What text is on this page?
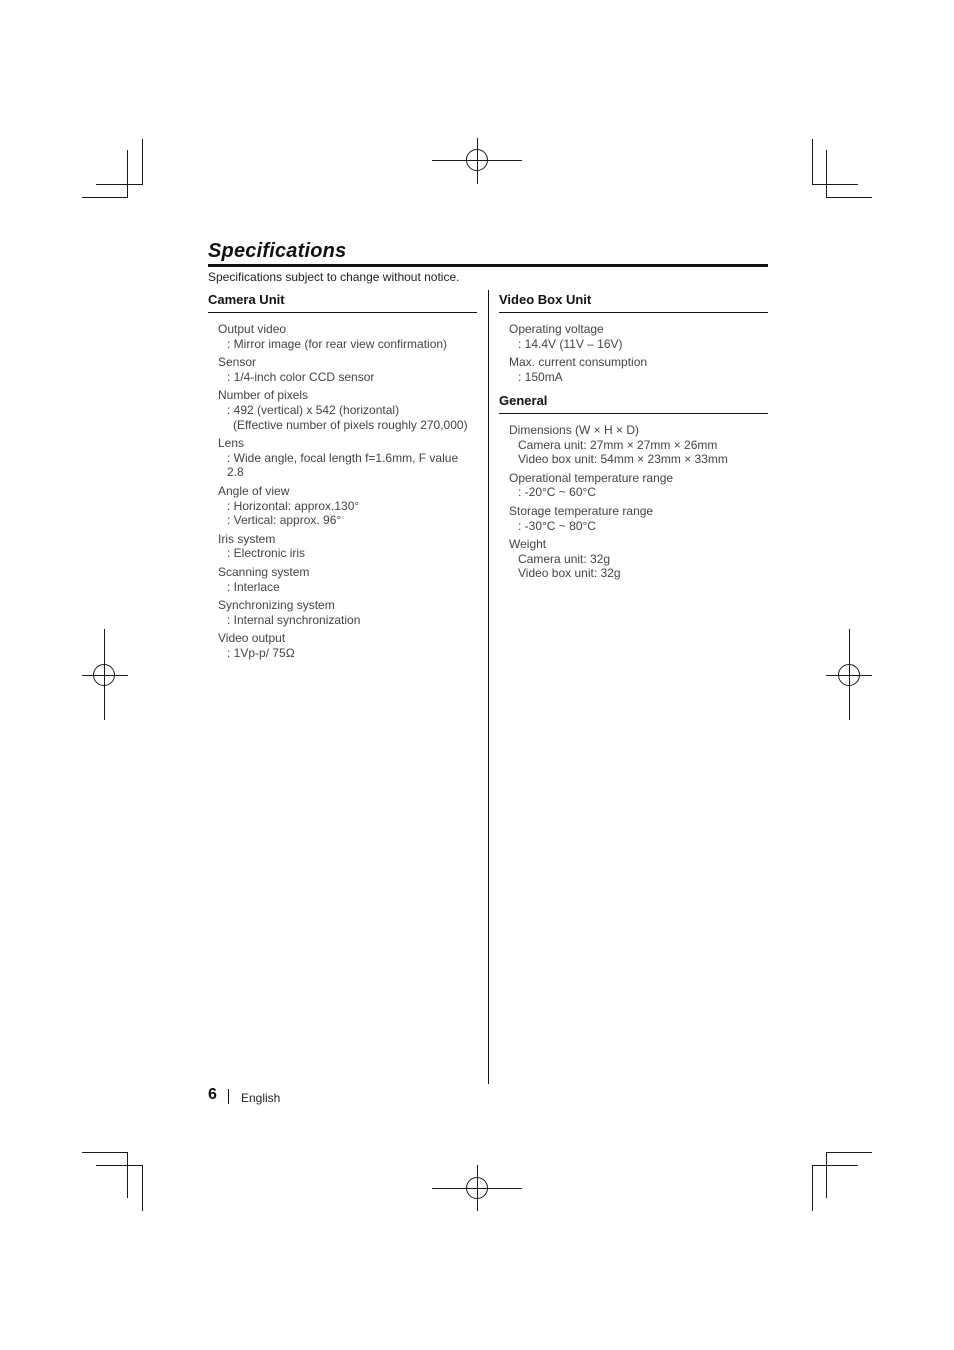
Specifications
Specifications subject to change without notice.
Camera Unit
Output video
: Mirror image (for rear view confirmation)
Sensor
: 1/4-inch color CCD sensor
Number of pixels
: 492 (vertical) x 542 (horizontal)
(Effective number of pixels roughly 270,000)
Lens
: Wide angle, focal length f=1.6mm, F value 2.8
Angle of view
: Horizontal: approx.130°
: Vertical: approx. 96°
Iris system
: Electronic iris
Scanning system
: Interlace
Synchronizing system
: Internal synchronization
Video output
: 1Vp-p/ 75Ω
Video Box Unit
Operating voltage
: 14.4V (11V – 16V)
Max. current consumption
: 150mA
General
Dimensions (W × H × D)
Camera unit: 27mm × 27mm × 26mm
Video box unit: 54mm × 23mm × 33mm
Operational temperature range
: -20°C ~ 60°C
Storage temperature range
: -30°C ~ 80°C
Weight
Camera unit: 32g
Video box unit: 32g
6 English
